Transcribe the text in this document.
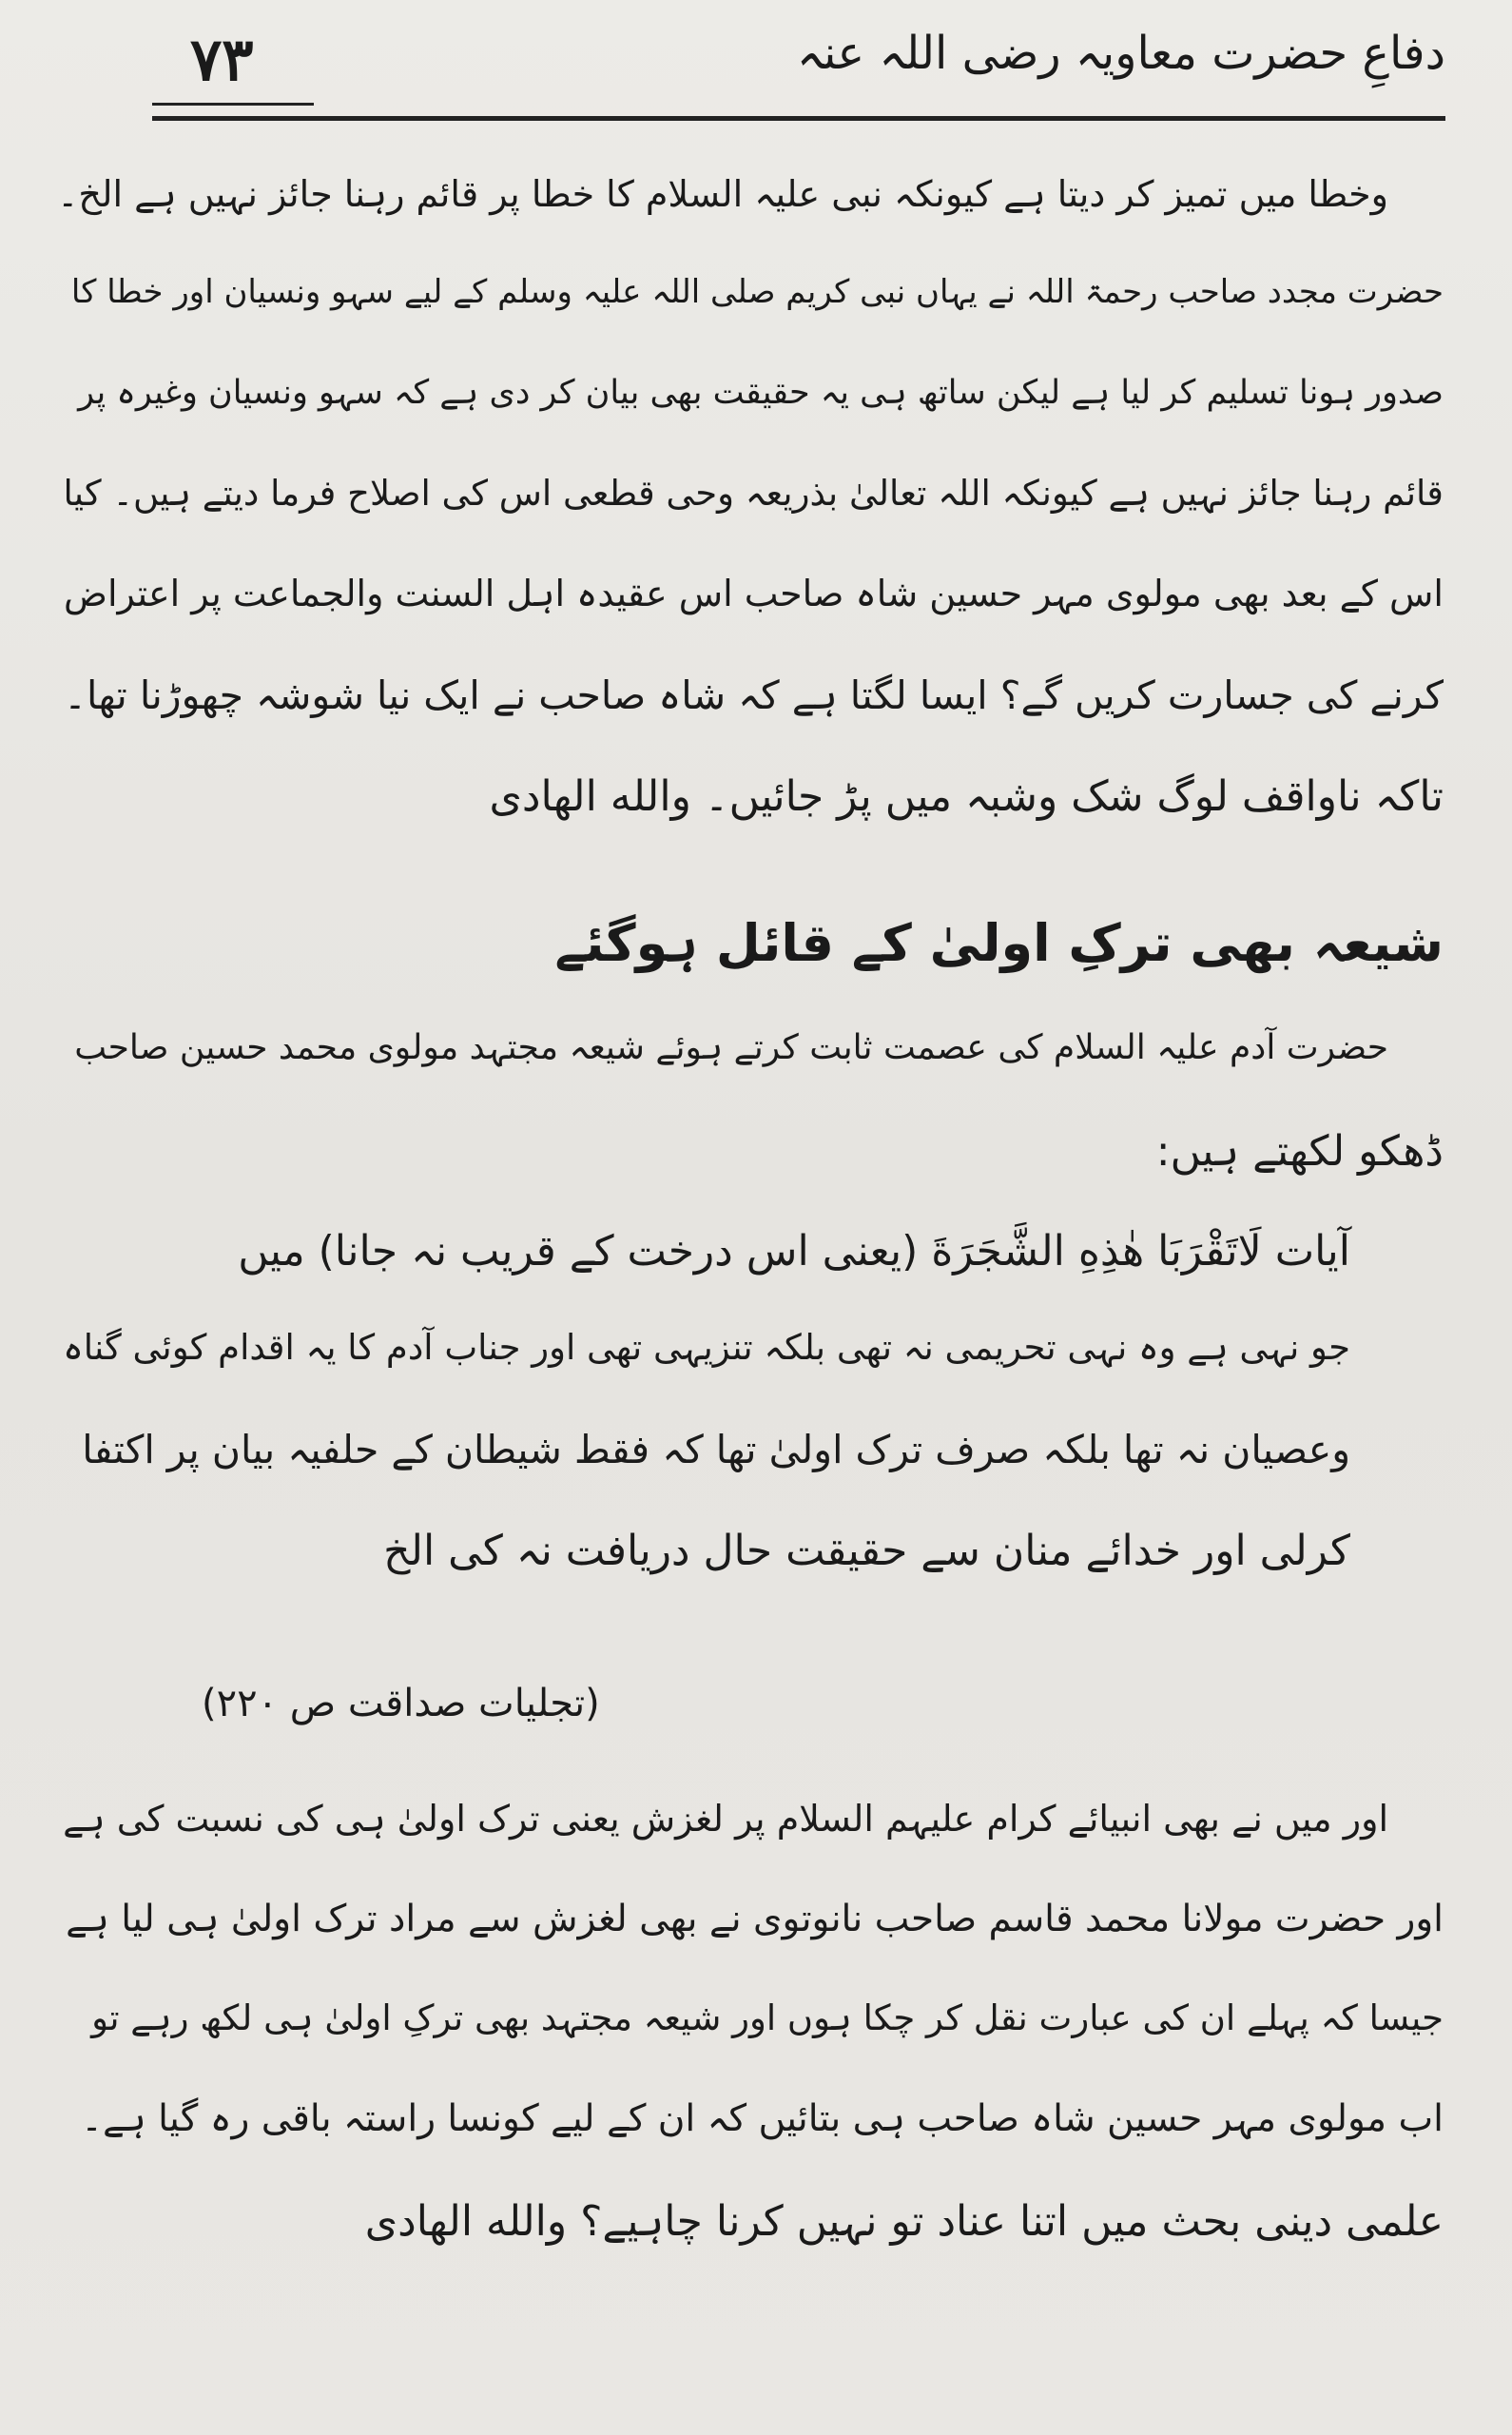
۷۳	دفاعِ حضرت معاویہ رضی اللہ عنہ
وخطا میں تمیز کر دیتا ہے کیونکہ نبی علیہ السلام کا خطا پر قائم رہنا جائز نہیں ہے الخ۔
حضرت مجدد صاحب رحمۃ اللہ نے یہاں نبی کریم صلی اللہ علیہ وسلم کے لیے سہو ونسیان اور خطا کا
صدور ہونا تسلیم کر لیا ہے لیکن ساتھ ہی یہ حقیقت بھی بیان کر دی ہے کہ سہو ونسیان وغیرہ پر
قائم رہنا جائز نہیں ہے کیونکہ اللہ تعالیٰ بذریعہ وحی قطعی اس کی اصلاح فرما دیتے ہیں۔ کیا
اس کے بعد بھی مولوی مہر حسین شاہ صاحب اس عقیدہ اہل السنت والجماعت پر اعتراض
کرنے کی جسارت کریں گے؟ ایسا لگتا ہے کہ شاہ صاحب نے ایک نیا شوشہ چھوڑنا تھا۔
تاکہ ناواقف لوگ شک وشبہ میں پڑ جائیں۔ والله الهادی
شیعہ بھی ترکِ اولیٰ کے قائل ہوگئے
حضرت آدم علیہ السلام کی عصمت ثابت کرتے ہوئے شیعہ مجتہد مولوی محمد حسین صاحب
ڈھکو لکھتے ہیں:
آیات لَاتَقْرَبَا هٰذِهِ الشَّجَرَةَ (یعنی اس درخت کے قریب نہ جانا) میں
جو نہی ہے وہ نہی تحریمی نہ تھی بلکہ تنزیہی تھی اور جناب آدم کا یہ اقدام کوئی گناہ
وعصیان نہ تھا بلکہ صرف ترک اولیٰ تھا کہ فقط شیطان کے حلفیہ بیان پر اکتفا
کرلی اور خدائے منان سے حقیقت حال دریافت نہ کی الخ
(تجلیات صداقت ص ۲۲۰)
اور میں نے بھی انبیائے کرام علیہم السلام پر لغزش یعنی ترک اولیٰ ہی کی نسبت کی ہے
اور حضرت مولانا محمد قاسم صاحب نانوتوی نے بھی لغزش سے مراد ترک اولیٰ ہی لیا ہے
جیسا کہ پہلے ان کی عبارت نقل کر چکا ہوں اور شیعہ مجتہد بھی ترکِ اولیٰ ہی لکھ رہے تو
اب مولوی مہر حسین شاہ صاحب ہی بتائیں کہ ان کے لیے کونسا راستہ باقی رہ گیا ہے۔
علمی دینی بحث میں اتنا عناد تو نہیں کرنا چاہیے؟ والله الهادی
